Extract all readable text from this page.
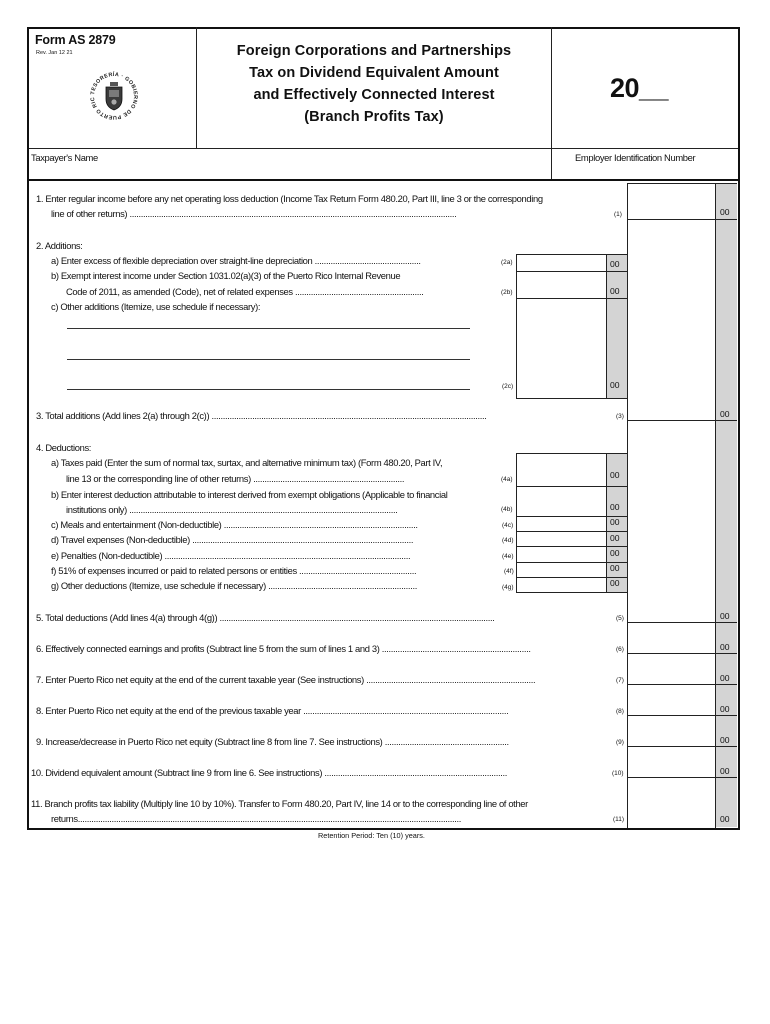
Form AS 2879
Rev. Jan 12 21
TESORERÍA · GOBIERNO DE PUERTO RIC
Foreign Corporations and Partnerships
Tax on Dividend Equivalent Amount
and Effectively Connected Interest
(Branch Profits Tax)
20__
Taxpayer's Name	Employer Identification Number
1. Enter regular income before any net operating loss deduction (Income Tax Return Form 480.20, Part III, line 3 or the corresponding
line of other returns) .................................................................................................................................................	(1)	00
2. Additions:
a) Enter excess of flexible depreciation over straight-line depreciation ...............................................	(2a)	00
b) Exempt interest income under Section 1031.02(a)(3) of the Puerto Rico Internal Revenue
Code of 2011, as amended (Code), net of related expenses .........................................................	(2b)	00
c) Other additions (Itemize, use schedule if necessary):
(2c)	00
3. Total additions (Add lines 2(a) through 2(c)) ..........................................................................................................................	(3)	00
4. Deductions:
a) Taxes paid (Enter the sum of normal tax, surtax, and alternative minimum tax) (Form 480.20, Part IV,
line 13 or the corresponding line of other returns) ...................................................................	(4a)	00
b) Enter interest deduction attributable to interest derived from exempt obligations (Applicable to financial
institutions only) .......................................................................................................................	(4b)	00
c) Meals and entertainment (Non-deductible) ......................................................................................	(4c)	00
d) Travel expenses (Non-deductible) ..................................................................................................	(4d)	00
e) Penalties (Non-deductible) .............................................................................................................	(4e)	00
f) 51% of expenses incurred or paid to related persons or entities ....................................................	(4f)	00
g) Other deductions (Itemize, use schedule if necessary) ..................................................................	(4g)	00
5. Total deductions (Add lines 4(a) through 4(g)) ..........................................................................................................................	(5)	00
6. Effectively connected earnings and profits (Subtract line 5 from the sum of lines 1 and 3) ..................................................................	(6)	00
7. Enter Puerto Rico net equity at the end of the current taxable year (See instructions) ...........................................................................	(7)	00
8. Enter Puerto Rico net equity at the end of the previous taxable year ...........................................................................................	(8)	00
9. Increase/decrease in Puerto Rico net equity (Subtract line 8 from line 7. See instructions) .......................................................	(9)	00
10. Dividend equivalent amount (Subtract line 9 from line 6. See instructions) .................................................................................	(10)	00
11. Branch profits tax liability (Multiply line 10 by 10%). Transfer to Form 480.20, Part IV, line 14 or to the corresponding line of other
returns..........................................................................................................................................................................	(11)	00
Retention Period: Ten (10) years.
